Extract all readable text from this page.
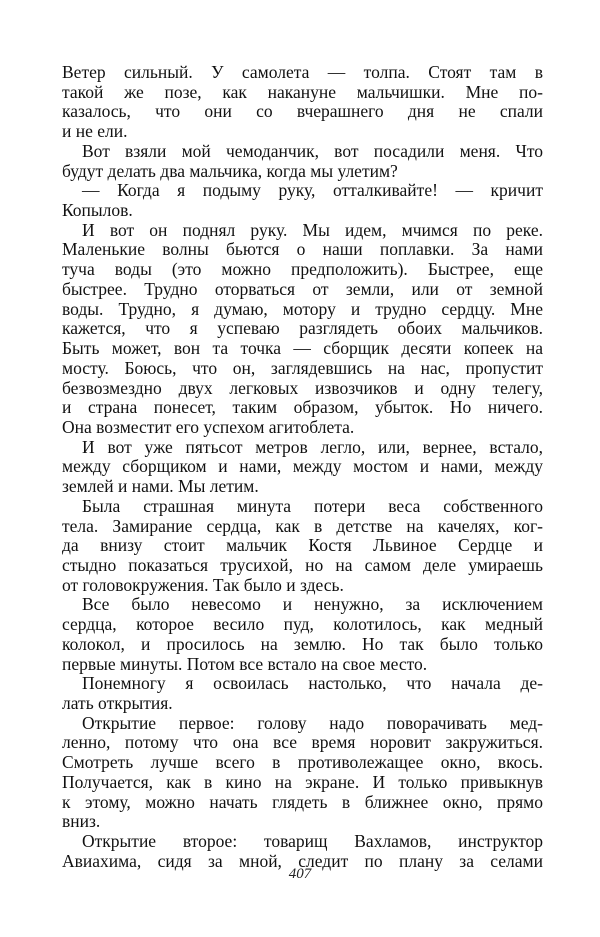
Ветер сильный. У самолета — толпа. Стоят там в
такой же позе, как накануне мальчишки. Мне по-
казалось, что они со вчерашнего дня не спали
и не ели.
Вот взяли мой чемоданчик, вот посадили меня. Что
будут делать два мальчика, когда мы улетим?
— Когда я подыму руку, отталкивайте! — кричит
Копылов.
И вот он поднял руку. Мы идем, мчимся по реке.
Маленькие волны бьются о наши поплавки. За нами
туча воды (это можно предположить). Быстрее, еще
быстрее. Трудно оторваться от земли, или от земной
воды. Трудно, я думаю, мотору и трудно сердцу. Мне
кажется, что я успеваю разглядеть обоих мальчиков.
Быть может, вон та точка — сборщик десяти копеек на
мосту. Боюсь, что он, заглядевшись на нас, пропустит
безвозмездно двух легковых извозчиков и одну телегу,
и страна понесет, таким образом, убыток. Но ничего.
Она возместит его успехом агитоблета.
И вот уже пятьсот метров легло, или, вернее, встало,
между сборщиком и нами, между мостом и нами, между
землей и нами. Мы летим.
Была страшная минута потери веса собственного
тела. Замирание сердца, как в детстве на качелях, ког-
да внизу стоит мальчик Костя Львиное Сердце и
стыдно показаться трусихой, но на самом деле умираешь
от головокружения. Так было и здесь.
Все было невесомо и ненужно, за исключением
сердца, которое весило пуд, колотилось, как медный
колокол, и просилось на землю. Но так было только
первые минуты. Потом все встало на свое место.
Понемногу я освоилась настолько, что начала де-
лать открытия.
Открытие первое: голову надо поворачивать мед-
ленно, потому что она все время норовит закружиться.
Смотреть лучше всего в противолежащее окно, вкось.
Получается, как в кино на экране. И только привыкнув
к этому, можно начать глядеть в ближнее окно, прямо
вниз.
Открытие второе: товарищ Вахламов, инструктор
Авиахима, сидя за мной, следит по плану за селами
407
